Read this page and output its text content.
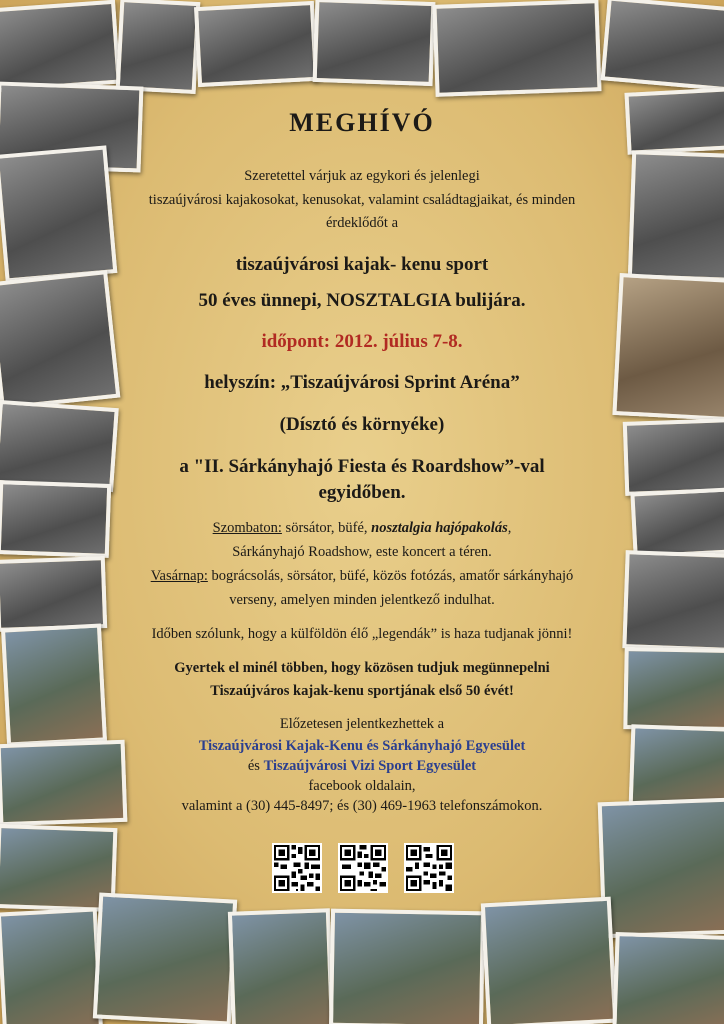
MEGHÍVÓ
Szeretettel várjuk az egykori és jelenlegi
tiszaújvárosi kajakosokat, kenusokat, valamint családtagjaikat, és minden
érdeklődőt a
tiszaújvárosi kajak- kenu sport
50 éves ünnepi, NOSZTALGIA bulijára.
időpont: 2012. július 7-8.
helyszín: „Tiszaújvárosi Sprint Aréna”
(Dísztó és környéke)
a "II. Sárkányhajó Fiesta és Roardshow”-val
egyidőben.
Szombaton: sörsátor, büfé, nosztalgia hajópakolás,
Sárkányhajó Roadshow, este koncert a téren.
Vasárnap: bográcsolás, sörsátor, büfé, közös fotózás, amatőr sárkányhajó
verseny, amelyen minden jelentkező indulhat.
Időben szólunk, hogy a külföldön élő „legendák” is haza tudjanak jönni!
Gyertek el minél többen, hogy közösen tudjuk megünnepelni
Tiszaújváros kajak-kenu sportjának első 50 évét!
Előzetesen jelentkezhettek a
Tiszaújvárosi Kajak-Kenu és Sárkányhajó Egyesület
és Tiszaújvárosi Vizi Sport Egyesület
facebook oldalain,
valamint a (30) 445-8497; és (30) 469-1963 telefonszámokon.
